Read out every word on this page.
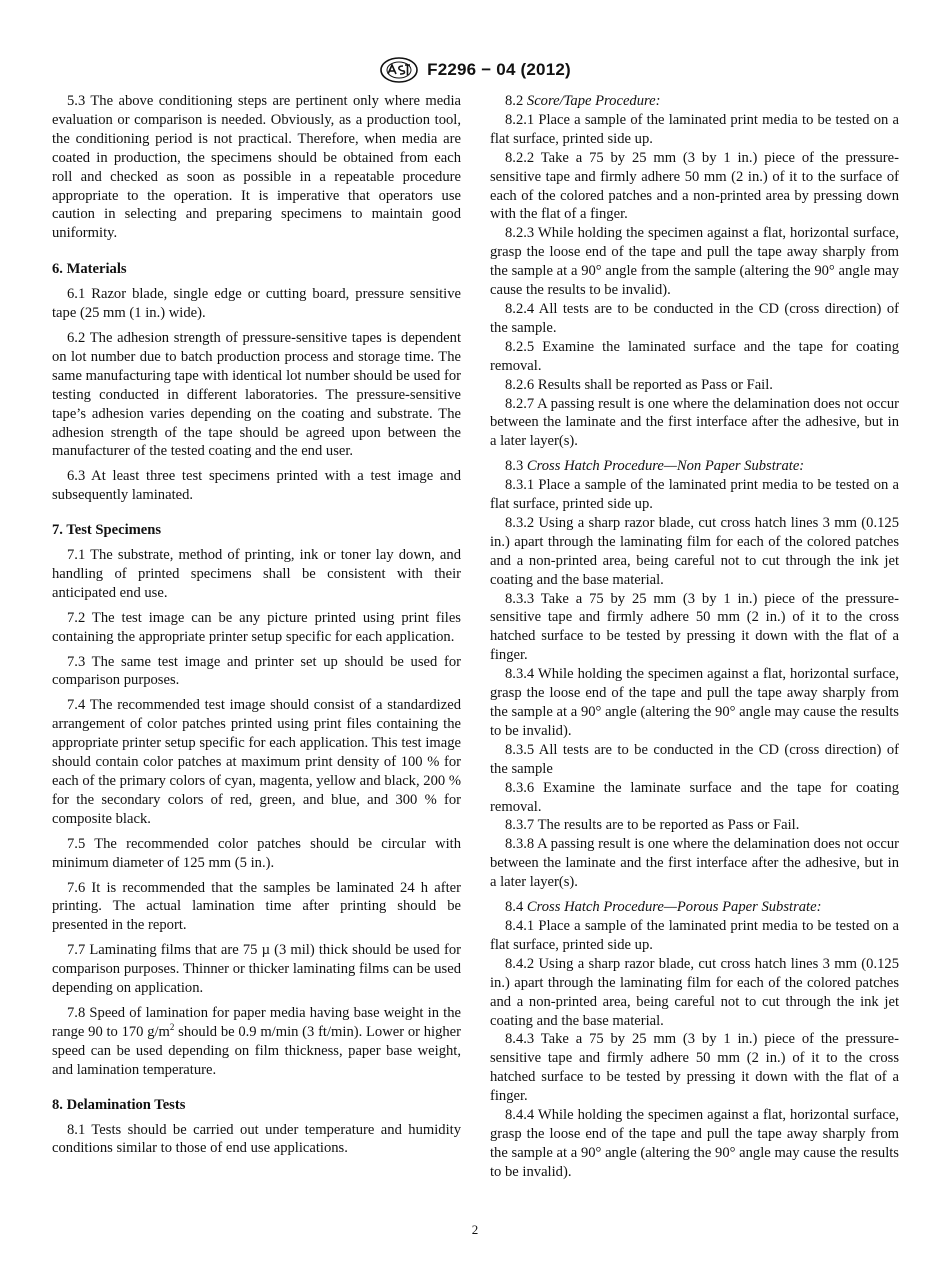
F2296 − 04 (2012)

5.3 The above conditioning steps are pertinent only where media evaluation or comparison is needed. Obviously, as a production tool, the conditioning period is not practical. Therefore, when media are coated in production, the specimens should be obtained from each roll and checked as soon as possible in a repeatable procedure appropriate to the operation. It is imperative that operators use caution in selecting and preparing specimens to maintain good uniformity.

6. Materials

6.1 Razor blade, single edge or cutting board, pressure sensitive tape (25 mm (1 in.) wide).

6.2 The adhesion strength of pressure-sensitive tapes is dependent on lot number due to batch production process and storage time. The same manufacturing tape with identical lot number should be used for testing conducted in different laboratories. The pressure-sensitive tape’s adhesion varies depending on the coating and substrate. The adhesion strength of the tape should be agreed upon between the manufacturer of the tested coating and the end user.

6.3 At least three test specimens printed with a test image and subsequently laminated.

7. Test Specimens

7.1 The substrate, method of printing, ink or toner lay down, and handling of printed specimens shall be consistent with their anticipated end use.

7.2 The test image can be any picture printed using print files containing the appropriate printer setup specific for each application.

7.3 The same test image and printer set up should be used for comparison purposes.

7.4 The recommended test image should consist of a standardized arrangement of color patches printed using print files containing the appropriate printer setup specific for each application. This test image should contain color patches at maximum print density of 100 % for each of the primary colors of cyan, magenta, yellow and black, 200 % for the secondary colors of red, green, and blue, and 300 % for composite black.

7.5 The recommended color patches should be circular with minimum diameter of 125 mm (5 in.).

7.6 It is recommended that the samples be laminated 24 h after printing. The actual lamination time after printing should be presented in the report.

7.7 Laminating films that are 75 µ (3 mil) thick should be used for comparison purposes. Thinner or thicker laminating films can be used depending on application.

7.8 Speed of lamination for paper media having base weight in the range 90 to 170 $g/m^2$ should be 0.9 m/min (3 ft/min). Lower or higher speed can be used depending on film thickness, paper base weight, and lamination temperature.

8. Delamination Tests

8.1 Tests should be carried out under temperature and humidity conditions similar to those of end use applications.

8.2 Score/Tape Procedure:

8.2.1 Place a sample of the laminated print media to be tested on a flat surface, printed side up.

8.2.2 Take a 75 by 25 mm (3 by 1 in.) piece of the pressure-sensitive tape and firmly adhere 50 mm (2 in.) of it to the surface of each of the colored patches and a non-printed area by pressing down with the flat of a finger.

8.2.3 While holding the specimen against a flat, horizontal surface, grasp the loose end of the tape and pull the tape away sharply from the sample at a 90° angle from the sample (altering the 90° angle may cause the results to be invalid).

8.2.4 All tests are to be conducted in the CD (cross direction) of the sample.

8.2.5 Examine the laminated surface and the tape for coating removal.

8.2.6 Results shall be reported as Pass or Fail.

8.2.7 A passing result is one where the delamination does not occur between the laminate and the first interface after the adhesive, but in a later layer(s).

8.3 Cross Hatch Procedure—Non Paper Substrate:

8.3.1 Place a sample of the laminated print media to be tested on a flat surface, printed side up.

8.3.2 Using a sharp razor blade, cut cross hatch lines 3 mm (0.125 in.) apart through the laminating film for each of the colored patches and a non-printed area, being careful not to cut through the ink jet coating and the base material.

8.3.3 Take a 75 by 25 mm (3 by 1 in.) piece of the pressure-sensitive tape and firmly adhere 50 mm (2 in.) of it to the cross hatched surface to be tested by pressing it down with the flat of a finger.

8.3.4 While holding the specimen against a flat, horizontal surface, grasp the loose end of the tape and pull the tape away sharply from the sample at a 90° angle (altering the 90° angle may cause the results to be invalid).

8.3.5 All tests are to be conducted in the CD (cross direction) of the sample

8.3.6 Examine the laminate surface and the tape for coating removal.

8.3.7 The results are to be reported as Pass or Fail.

8.3.8 A passing result is one where the delamination does not occur between the laminate and the first interface after the adhesive, but in a later layer(s).

8.4 Cross Hatch Procedure—Porous Paper Substrate:

8.4.1 Place a sample of the laminated print media to be tested on a flat surface, printed side up.

8.4.2 Using a sharp razor blade, cut cross hatch lines 3 mm (0.125 in.) apart through the laminating film for each of the colored patches and a non-printed area, being careful not to cut through the ink jet coating and the base material.

8.4.3 Take a 75 by 25 mm (3 by 1 in.) piece of the pressure-sensitive tape and firmly adhere 50 mm (2 in.) of it to the cross hatched surface to be tested by pressing it down with the flat of a finger.

8.4.4 While holding the specimen against a flat, horizontal surface, grasp the loose end of the tape and pull the tape away sharply from the sample at a 90° angle (altering the 90° angle may cause the results to be invalid).

2
